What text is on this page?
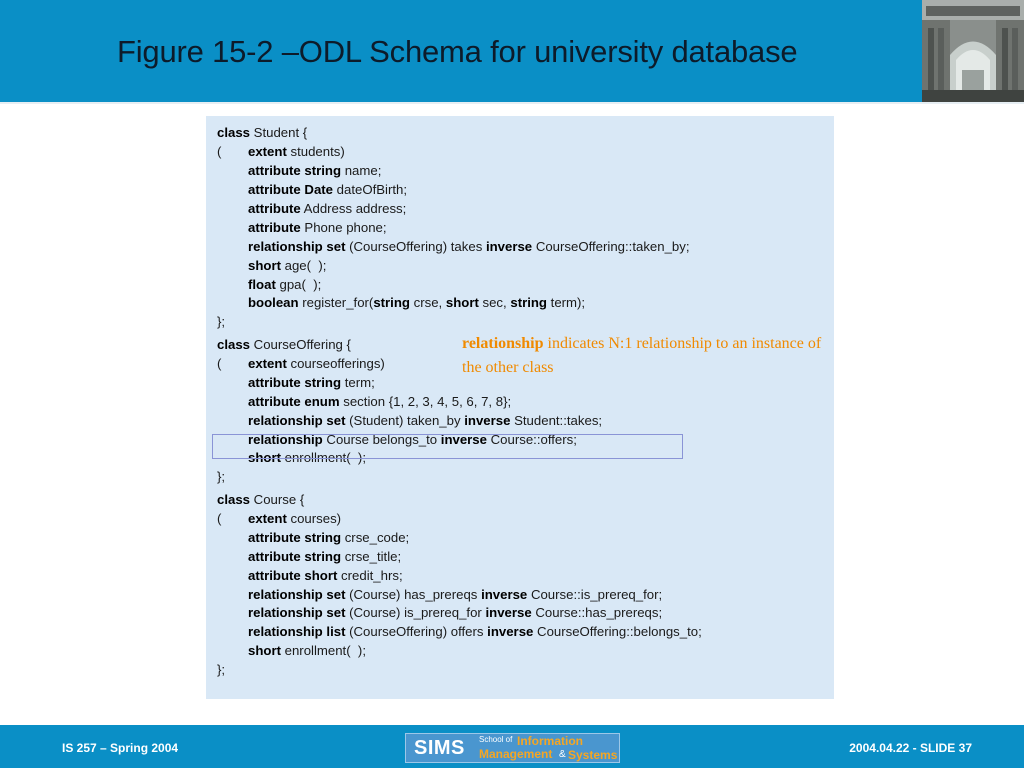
Figure 15-2 –ODL Schema for university database
class Student {
( extent students)
attribute string name;
attribute Date dateOfBirth;
attribute Address address;
attribute Phone phone;
relationship set (CourseOffering) takes inverse CourseOffering::taken_by;
short age(  );
float gpa(  );
boolean register_for(string crse, short sec, string term);
};
class CourseOffering {
( extent courseofferings)
attribute string term;
attribute enum section {1, 2, 3, 4, 5, 6, 7, 8};
relationship set (Student) taken_by inverse Student::takes;
relationship Course belongs_to inverse Course::offers;
short enrollment(  );
};
class Course {
( extent courses)
attribute string crse_code;
attribute string crse_title;
attribute short credit_hrs;
relationship set (Course) has_prereqs inverse Course::is_prereq_for;
relationship set (Course) is_prereq_for inverse Course::has_prereqs;
relationship list (CourseOffering) offers inverse CourseOffering::belongs_to;
short enrollment(  );
};
relationship indicates N:1 relationship to an instance of the other class
IS 257 – Spring 2004	SIMS School of Information
Management & Systems	2004.04.22 - SLIDE 37
